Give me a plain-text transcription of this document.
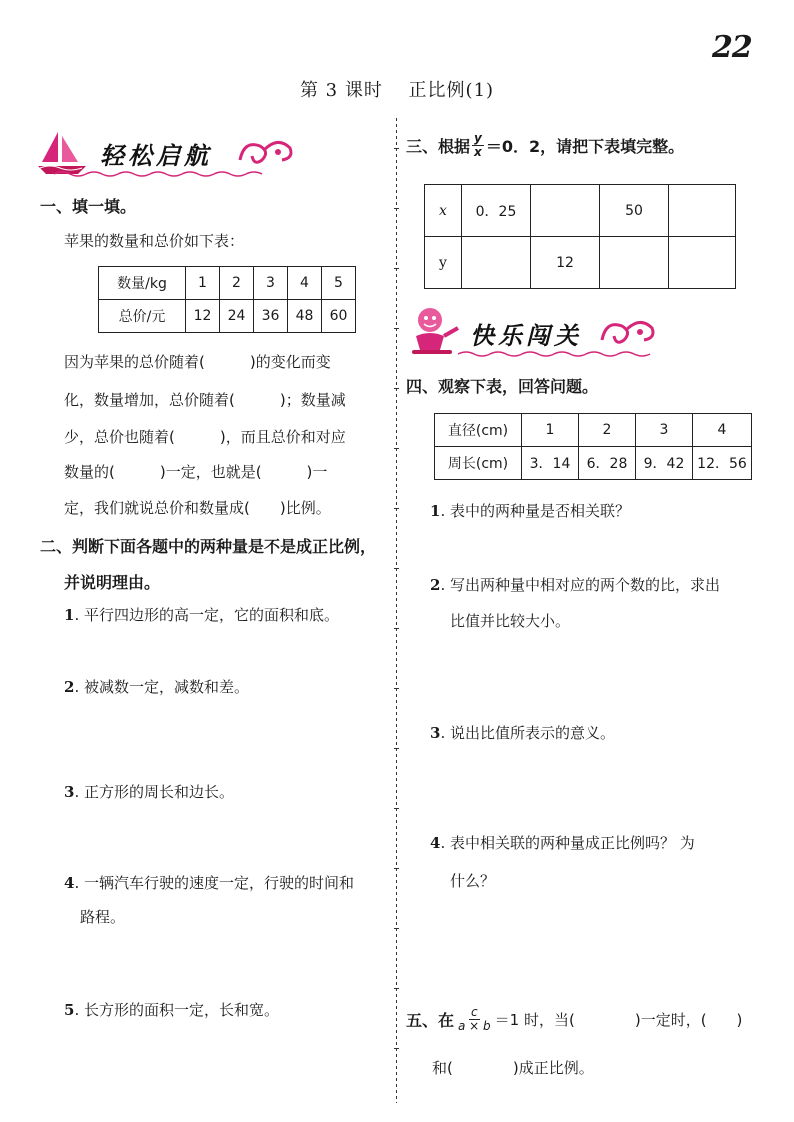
22
第 3 课时　 正比例(1)
轻松启航
一、填一填。
苹果的数量和总价如下表：
数量/kg	1	2	3	4	5
总价/元	12	24	36	48	60
因为苹果的总价随着(　　　)的变化而变
化，数量增加，总价随着(　　　)；数量减
少，总价也随着(　　　)，而且总价和对应
数量的(　　　)一定，也就是(　　　)一
定，我们就说总价和数量成(　　)比例。
二、判断下面各题中的两种量是不是成正比例，
并说明理由。
1. 平行四边形的高一定，它的面积和底。
2. 被减数一定，减数和差。
3. 正方形的周长和边长。
4. 一辆汽车行驶的速度一定，行驶的时间和
路程。
5. 长方形的面积一定，长和宽。
三、根据 $\frac{y}{x} =0$．2，请把下表填完整。
x	0．25		50	
y		12		
快乐闯关
四、观察下表，回答问题。
直径(cm)	1	2	3	4
周长(cm)	3．14	6．28	9．42	12．56
1. 表中的两种量是否相关联？
2. 写出两种量中相对应的两个数的比，求出
比值并比较大小。
3. 说出比值所表示的意义。
4. 表中相关联的两种量成正比例吗？ 为
什么？
五、在 $\frac{c}{a \times b} =1$ 时，当(　　　　)一定时，(　　)
和(　　　　)成正比例。
